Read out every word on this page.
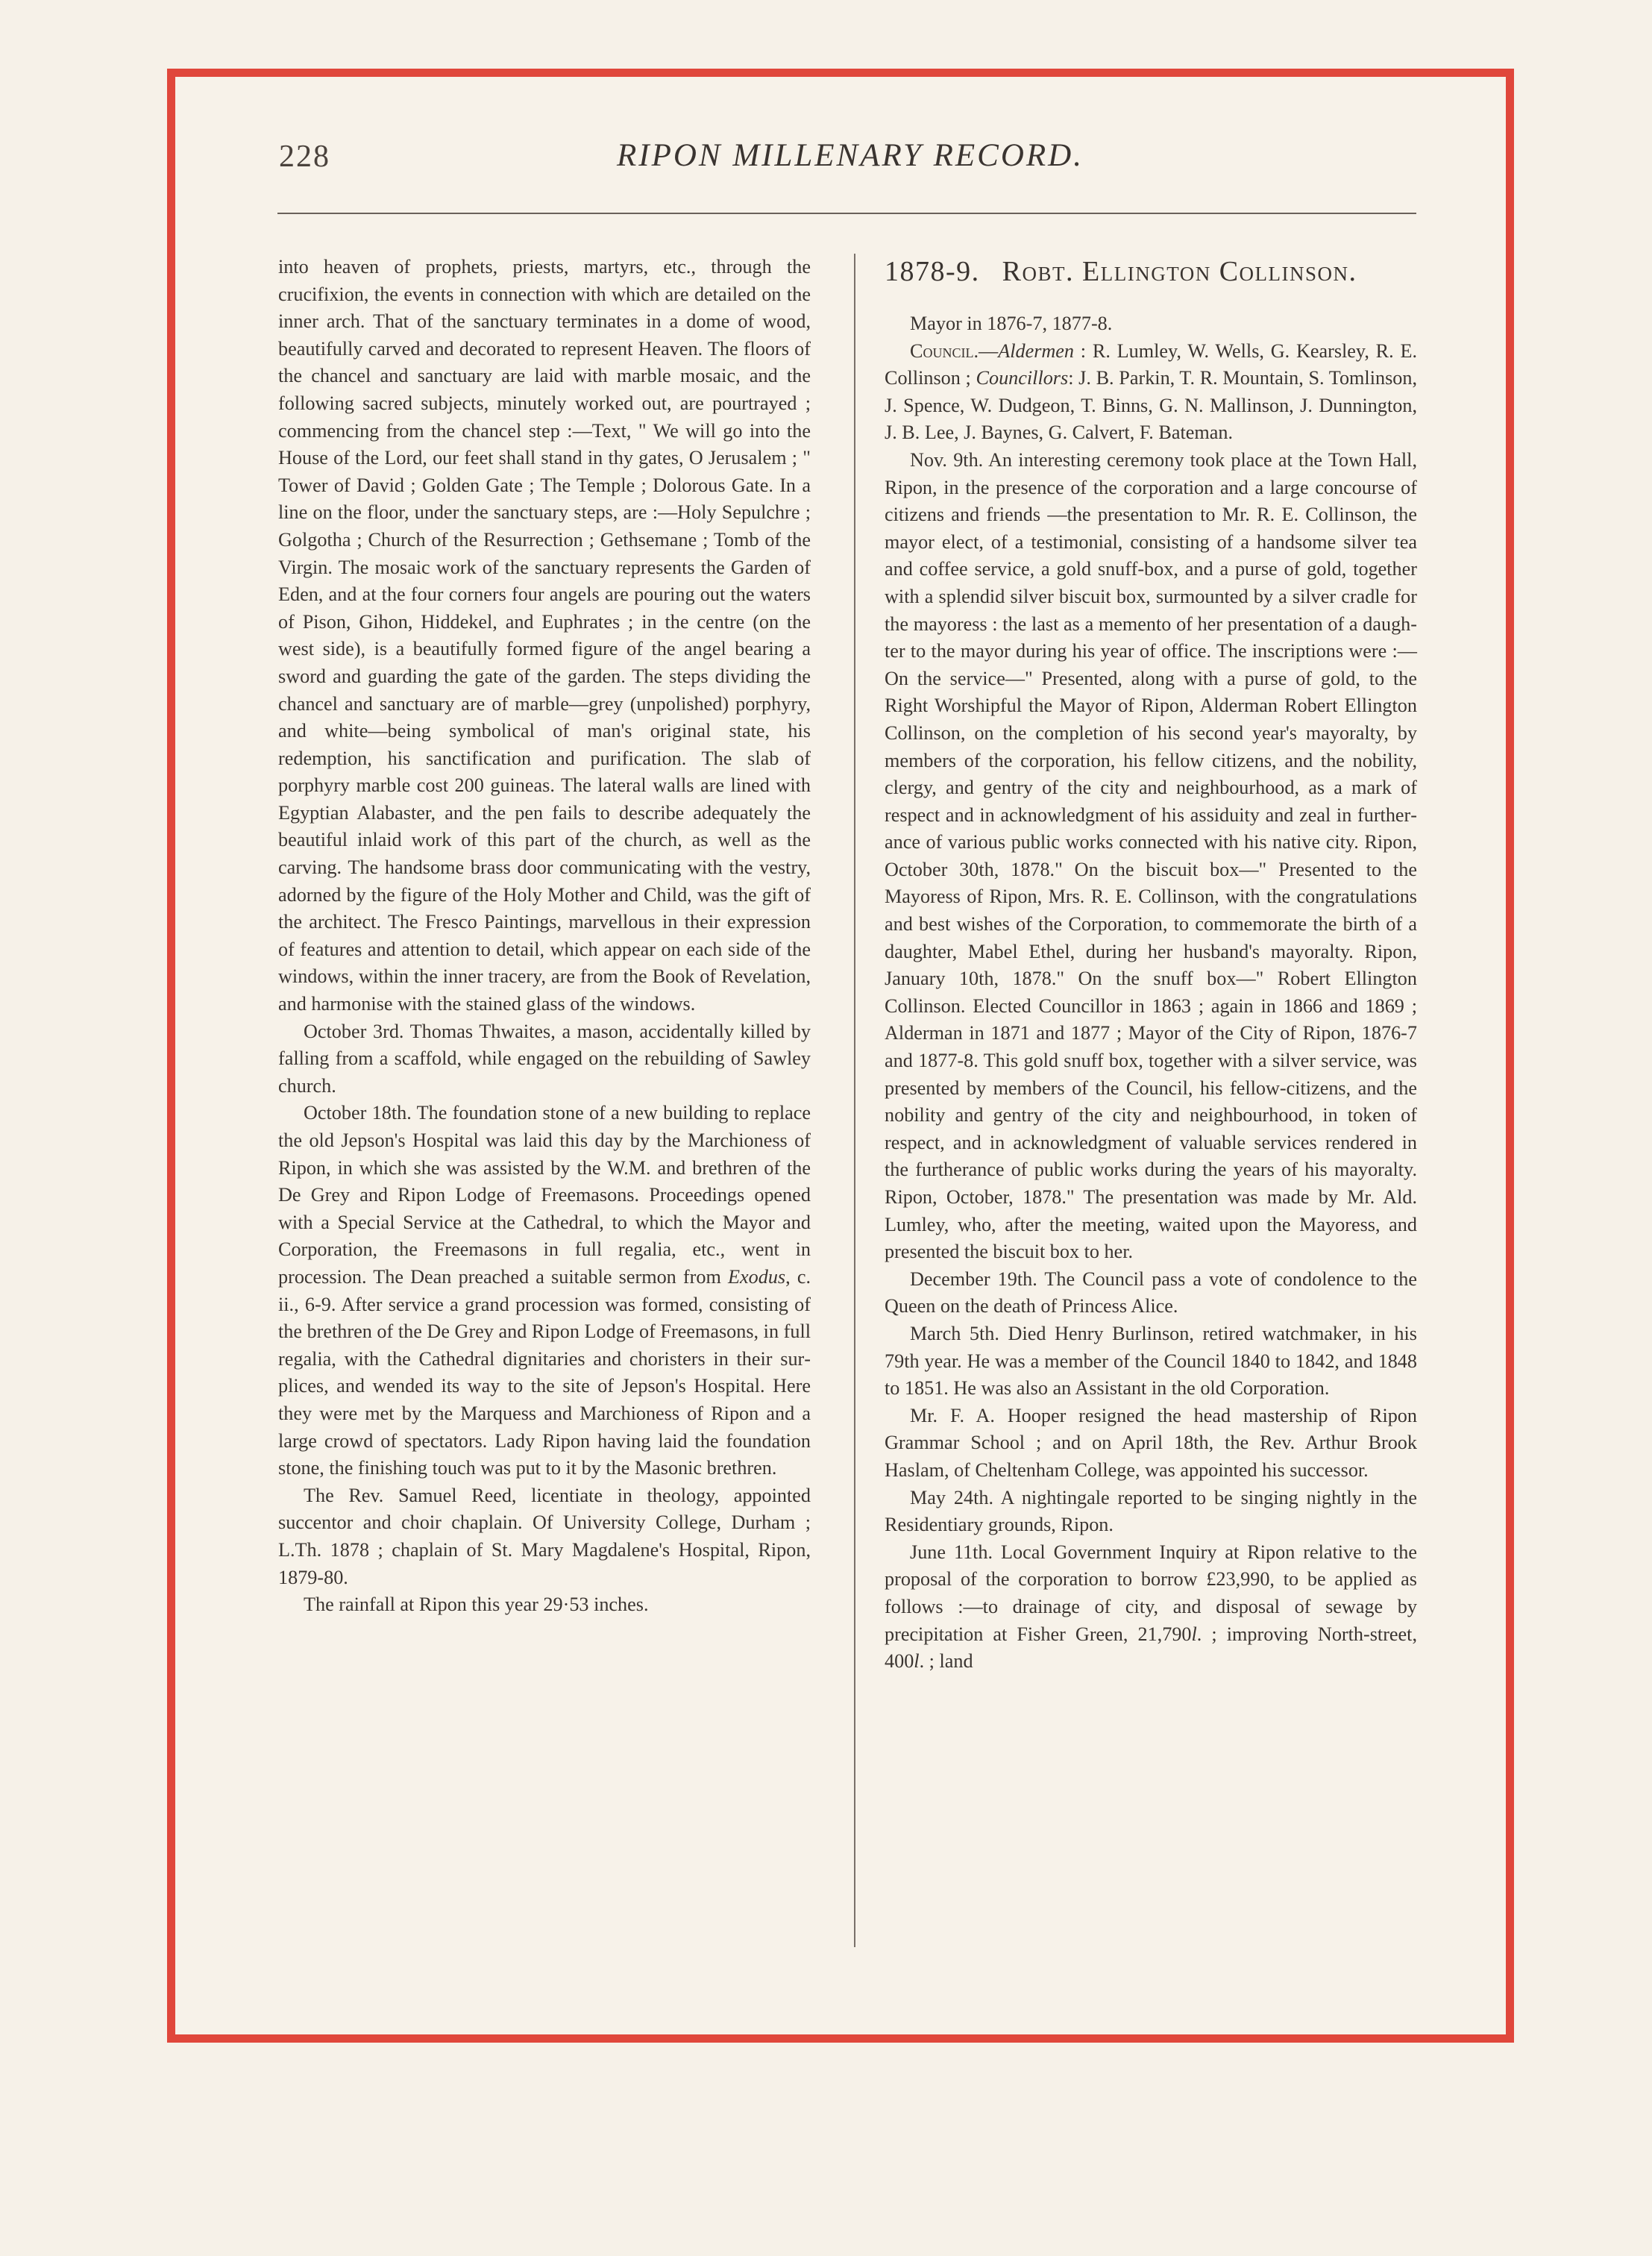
228	RIPON MILLENARY RECORD.

into heaven of prophets, priests, martyrs, etc., through the crucifixion, the events in connection with which are detailed on the inner arch. That of the sanctuary terminates in a dome of wood, beautifully carved and decorated to represent Heaven. The floors of the chancel and sanctuary are laid with marble mosaic, and the following sacred subjects, minutely worked out, are pourtrayed ; commencing from the chancel step :—Text, " We will go into the House of the Lord, our feet shall stand in thy gates, O Jerusalem ; " Tower of David ; Golden Gate ; The Temple ; Dolorous Gate. In a line on the floor, under the sanctuary steps, are :—Holy Sepulchre ; Golgotha ; Church of the Resurrection ; Gethsemane ; Tomb of the Virgin. The mosaic work of the sanctuary represents the Garden of Eden, and at the four corners four angels are pouring out the waters of Pison, Gihon, Hiddekel, and Euphrates ; in the centre (on the west side), is a beautifully formed figure of the angel bearing a sword and guarding the gate of the garden. The steps dividing the chancel and sanctuary are of marble—grey (unpolished) porphyry, and white—being symbolical of man's original state, his redemption, his sanctification and purification. The slab of porphyry marble cost 200 guineas. The lateral walls are lined with Egyptian Alabaster, and the pen fails to describe adequately the beautiful inlaid work of this part of the church, as well as the carving. The handsome brass door communicating with the vestry, adorned by the figure of the Holy Mother and Child, was the gift of the architect. The Fresco Paintings, marvellous in their expression of features and attention to detail, which appear on each side of the windows, within the inner tracery, are from the Book of Revelation, and harmonise with the stained glass of the windows.

October 3rd. Thomas Thwaites, a mason, accidentally killed by falling from a scaffold, while engaged on the rebuilding of Sawley church.

October 18th. The foundation stone of a new building to replace the old Jepson's Hospital was laid this day by the Marchioness of Ripon, in which she was assisted by the W.M. and brethren of the De Grey and Ripon Lodge of Freemasons. Proceedings opened with a Special Service at the Cathedral, to which the Mayor and Corporation, the Freemasons in full regalia, etc., went in procession. The Dean preached a suitable sermon from Exodus, c. ii., 6-9. After service a grand procession was formed, consisting of the brethren of the De Grey and Ripon Lodge of Freemasons, in full regalia, with the Cathedral dignitaries and choristers in their surplices, and wended its way to the site of Jepson's Hospital. Here they were met by the Marquess and Marchioness of Ripon and a large crowd of spectators. Lady Ripon having laid the foundation stone, the finishing touch was put to it by the Masonic brethren.

The Rev. Samuel Reed, licentiate in theology, appointed succentor and choir chaplain. Of University College, Durham ; L.Th. 1878 ; chaplain of St. Mary Magdalene's Hospital, Ripon, 1879-80.

The rainfall at Ripon this year 29·53 inches.

1878-9. Robt. Ellington Collinson.

Mayor in 1876-7, 1877-8.

Council.—Aldermen : R. Lumley, W. Wells, G. Kearsley, R. E. Collinson ; Councillors: J. B. Parkin, T. R. Mountain, S. Tomlinson, J. Spence, W. Dudgeon, T. Binns, G. N. Mallinson, J. Dunnington, J. B. Lee, J. Baynes, G. Calvert, F. Bateman.

Nov. 9th. An interesting ceremony took place at the Town Hall, Ripon, in the presence of the corporation and a large concourse of citizens and friends —the presentation to Mr. R. E. Collinson, the mayor elect, of a testimonial, consisting of a handsome silver tea and coffee service, a gold snuff-box, and a purse of gold, together with a splendid silver biscuit box, surmounted by a silver cradle for the mayoress : the last as a memento of her presentation of a daughter to the mayor during his year of office. The inscriptions were :—On the service—" Presented, along with a purse of gold, to the Right Worshipful the Mayor of Ripon, Alderman Robert Ellington Collinson, on the completion of his second year's mayoralty, by members of the corporation, his fellow citizens, and the nobility, clergy, and gentry of the city and neighbourhood, as a mark of respect and in acknowledgment of his assiduity and zeal in furtherance of various public works connected with his native city. Ripon, October 30th, 1878." On the biscuit box—" Presented to the Mayoress of Ripon, Mrs. R. E. Collinson, with the congratulations and best wishes of the Corporation, to commemorate the birth of a daughter, Mabel Ethel, during her husband's mayoralty. Ripon, January 10th, 1878." On the snuff box—" Robert Ellington Collinson. Elected Councillor in 1863 ; again in 1866 and 1869 ; Alderman in 1871 and 1877 ; Mayor of the City of Ripon, 1876-7 and 1877-8. This gold snuff box, together with a silver service, was presented by members of the Council, his fellow-citizens, and the nobility and gentry of the city and neighbourhood, in token of respect, and in acknowledgment of valuable services rendered in the furtherance of public works during the years of his mayoralty. Ripon, October, 1878." The presentation was made by Mr. Ald. Lumley, who, after the meeting, waited upon the Mayoress, and presented the biscuit box to her.

December 19th. The Council pass a vote of condolence to the Queen on the death of Princess Alice.

March 5th. Died Henry Burlinson, retired watchmaker, in his 79th year. He was a member of the Council 1840 to 1842, and 1848 to 1851. He was also an Assistant in the old Corporation.

Mr. F. A. Hooper resigned the head mastership of Ripon Grammar School ; and on April 18th, the Rev. Arthur Brook Haslam, of Cheltenham College, was appointed his successor.

May 24th. A nightingale reported to be singing nightly in the Residentiary grounds, Ripon.

June 11th. Local Government Inquiry at Ripon relative to the proposal of the corporation to borrow £23,990, to be applied as follows :—to drainage of city, and disposal of sewage by precipitation at Fisher Green, 21,790l. ; improving North-street, 400l. ; land
